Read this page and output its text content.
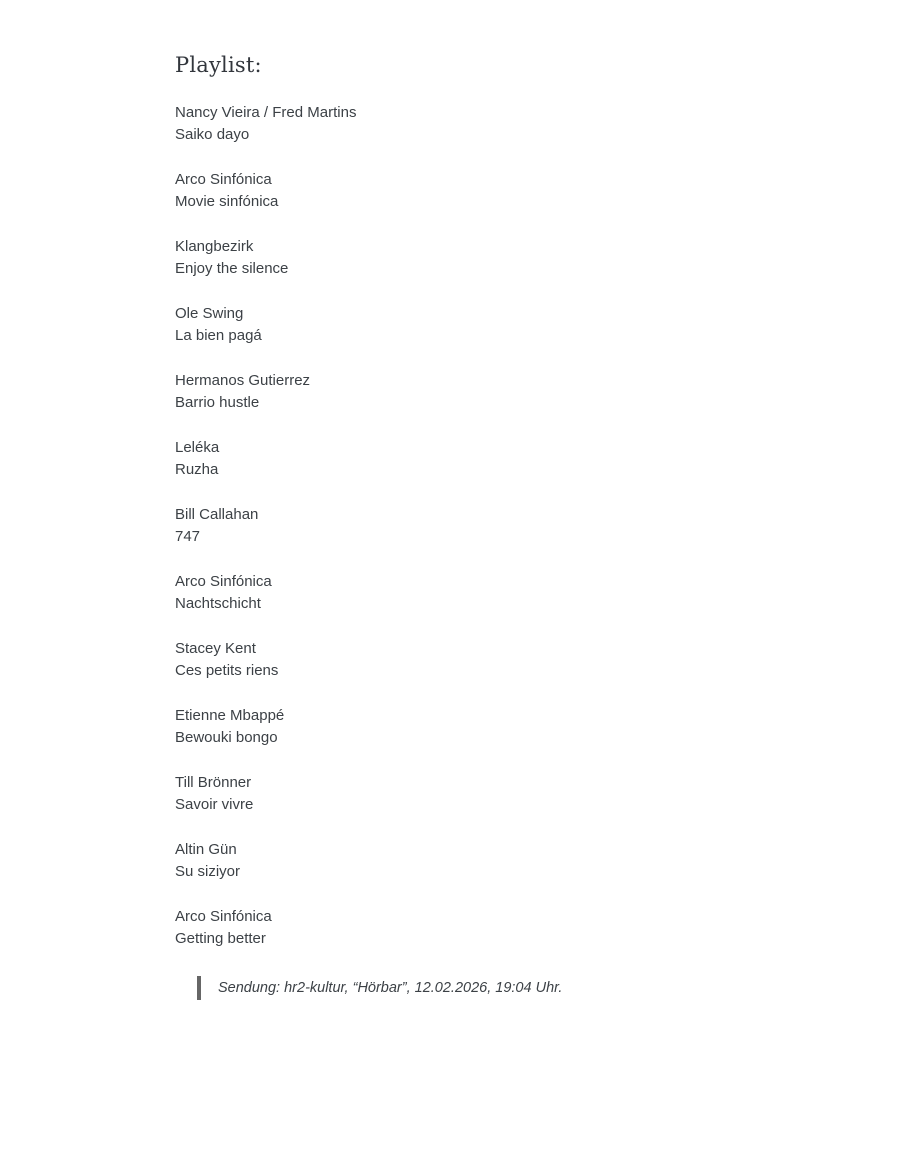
Playlist:
Nancy Vieira / Fred Martins
Saiko dayo
Arco Sinfónica
Movie sinfónica
Klangbezirk
Enjoy the silence
Ole Swing
La bien pagá
Hermanos Gutierrez
Barrio hustle
Leléka
Ruzha
Bill Callahan
747
Arco Sinfónica
Nachtschicht
Stacey Kent
Ces petits riens
Etienne Mbappé
Bewouki bongo
Till Brönner
Savoir vivre
Altin Gün
Su siziyor
Arco Sinfónica
Getting better
Sendung: hr2-kultur, “Hörbar”, 12.02.2026, 19:04 Uhr.
